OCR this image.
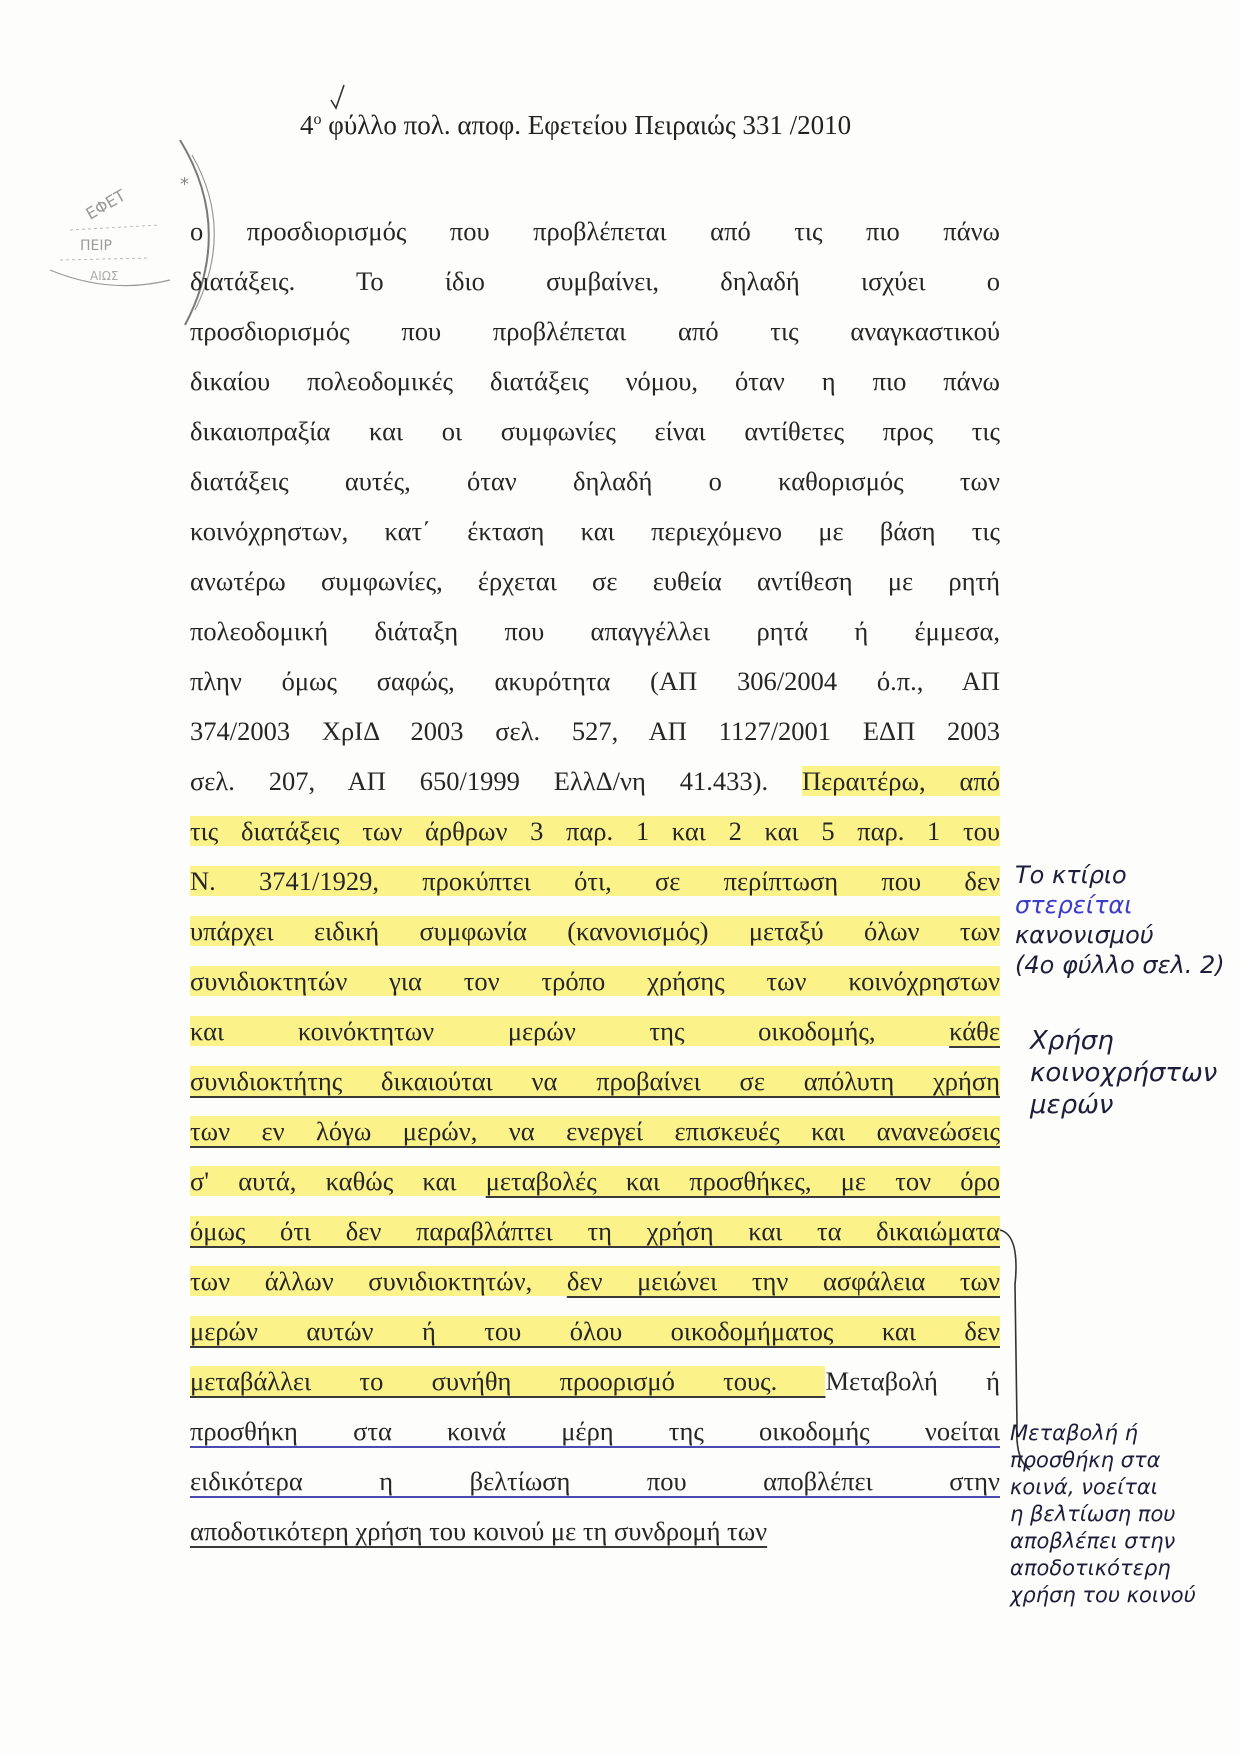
*
ΕΦΕΤ
ΠΕΙΡ
ΑΙΩΣ
$4^o$ φύλλο πολ. αποφ. Εφετείου Πειραιώς 331 /2010
ο προσδιορισμός που προβλέπεται από τις πιο πάνω
διατάξεις. Το ίδιο συμβαίνει, δηλαδή ισχύει ο
προσδιορισμός που προβλέπεται από τις αναγκαστικού
δικαίου πολεοδομικές διατάξεις νόμου, όταν η πιο πάνω
δικαιοπραξία και οι συμφωνίες είναι αντίθετες προς τις
διατάξεις αυτές, όταν δηλαδή ο καθορισμός των
κοινόχρηστων, κατ΄ έκταση και περιεχόμενο με βάση τις
ανωτέρω συμφωνίες, έρχεται σε ευθεία αντίθεση με ρητή
πολεοδομική διάταξη που απαγγέλλει ρητά ή έμμεσα,
πλην όμως σαφώς, ακυρότητα (ΑΠ 306/2004 ό.π., ΑΠ
374/2003 ΧρΙΔ 2003 σελ. 527, ΑΠ 1127/2001 ΕΔΠ 2003
σελ. 207, ΑΠ 650/1999 ΕλλΔ/νη 41.433). Περαιτέρω, από
τις διατάξεις των άρθρων 3 παρ. 1 και 2 και 5 παρ. 1 του
Ν. 3741/1929, προκύπτει ότι, σε περίπτωση που δεν
υπάρχει ειδική συμφωνία (κανονισμός) μεταξύ όλων των
συνιδιοκτητών για τον τρόπο χρήσης των κοινόχρηστων
και κοινόκτητων μερών της οικοδομής, κάθε
συνιδιοκτήτης δικαιούται να προβαίνει σε απόλυτη χρήση
των εν λόγω μερών, να ενεργεί επισκευές και ανανεώσεις
σ' αυτά, καθώς και μεταβολές και προσθήκες, με τον όρο
όμως ότι δεν παραβλάπτει τη χρήση και τα δικαιώματα
των άλλων συνιδιοκτητών, δεν μειώνει την ασφάλεια των
μερών αυτών ή του όλου οικοδομήματος και δεν
μεταβάλλει το συνήθη προορισμό τους. Μεταβολή ή
προσθήκη στα κοινά μέρη της οικοδομής νοείται
ειδικότερα η βελτίωση που αποβλέπει στην
αποδοτικότερη χρήση του κοινού με τη συνδρομή των
Το κτίριο
στερείται
κανονισμού
(4ο φύλλο σελ. 2)
Χρήση
κοινοχρήστων
μερών
Μεταβολή ή
προσθήκη στα
κοινά, νοείται
η βελτίωση που
αποβλέπει στην
αποδοτικότερη
χρήση του κοινού
